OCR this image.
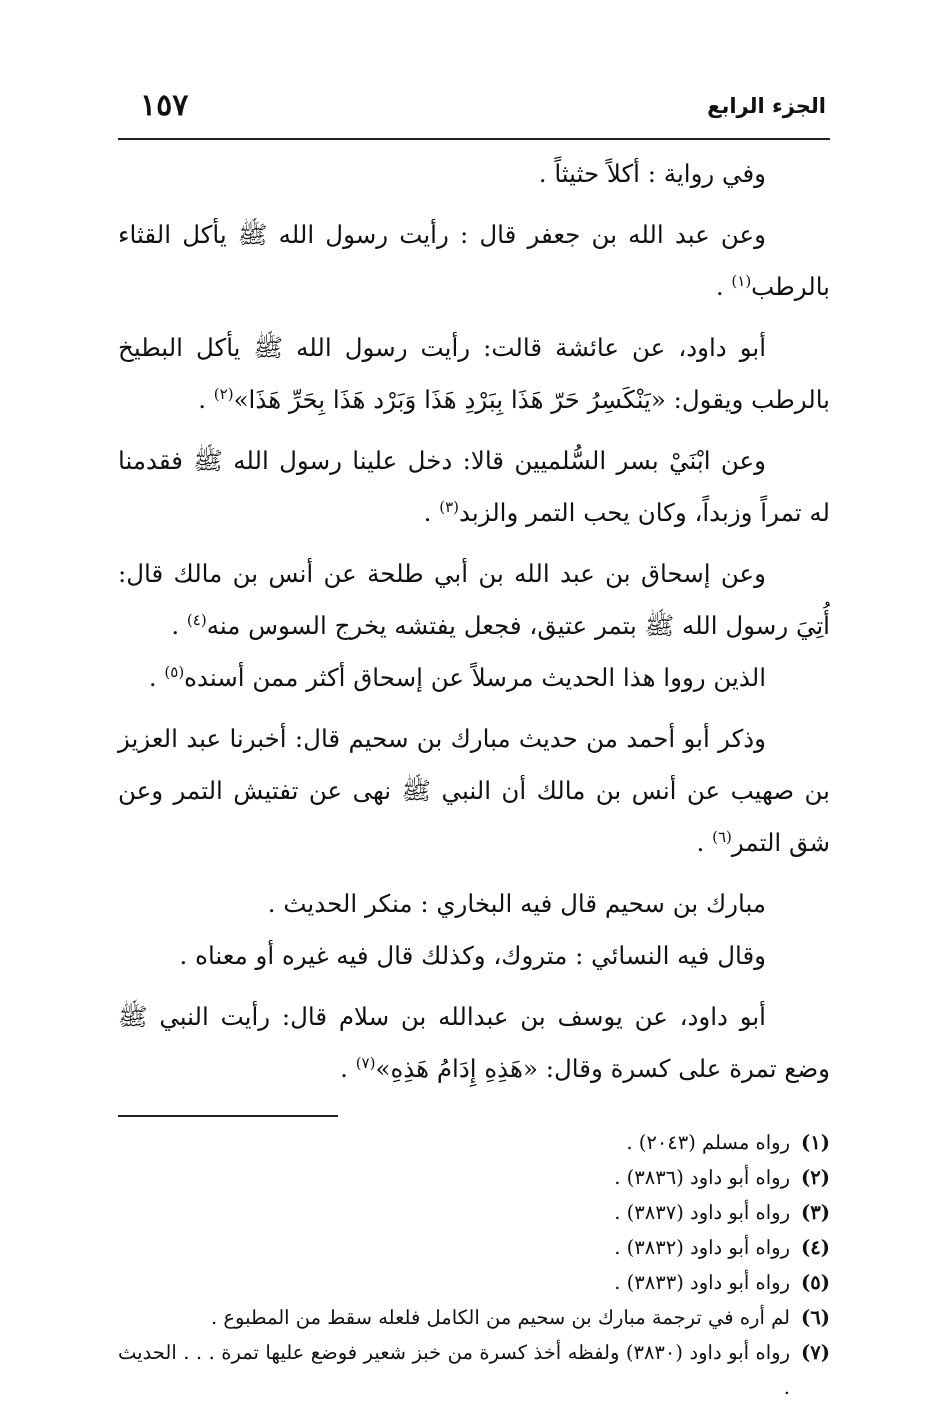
الجزء الرابع
١٥٧

وفي رواية : أكلاً حثيثاً .

وعن عبد الله بن جعفر قال : رأيت رسول الله ﷺ يأكل القثاء بالرطب$^{(١)}$ .

أبو داود، عن عائشة قالت: رأيت رسول الله ﷺ يأكل البطيخ بالرطب ويقول: «يَنْكَسِرُ حَرّ هَذَا بِبَرْدِ هَذَا وَبَرْد هَذَا بِحَرِّ هَذَا»$^{(٢)}$ .

وعن ابْنَيْ بسر السُّلميين قالا: دخل علينا رسول الله ﷺ فقدمنا له تمراً وزبداً، وكان يحب التمر والزبد$^{(٣)}$ .

وعن إسحاق بن عبد الله بن أبي طلحة عن أنس بن مالك قال: أُتِيَ رسول الله ﷺ بتمر عتيق، فجعل يفتشه يخرج السوس منه$^{(٤)}$ .

الذين رووا هذا الحديث مرسلاً عن إسحاق أكثر ممن أسنده$^{(٥)}$ .

وذكر أبو أحمد من حديث مبارك بن سحيم قال: أخبرنا عبد العزيز بن صهيب عن أنس بن مالك أن النبي ﷺ نهى عن تفتيش التمر وعن شق التمر$^{(٦)}$ .

مبارك بن سحيم قال فيه البخاري : منكر الحديث .

وقال فيه النسائي : متروك، وكذلك قال فيه غيره أو معناه .

أبو داود، عن يوسف بن عبدالله بن سلام قال: رأيت النبي ﷺ وضع تمرة على كسرة وقال: «هَذِهِ إِدَامُ هَذِهِ»$^{(٧)}$ .

(١)
رواه مسلم (٢٠٤٣) .

(٢)
رواه أبو داود (٣٨٣٦) .

(٣)
رواه أبو داود (٣٨٣٧) .

(٤)
رواه أبو داود (٣٨٣٢) .

(٥)
رواه أبو داود (٣٨٣٣) .

(٦)
لم أره في ترجمة مبارك بن سحيم من الكامل فلعله سقط من المطبوع .

(٧)
رواه أبو داود (٣٨٣٠) ولفظه أخذ كسرة من خبز شعير فوضع عليها تمرة . . . الحديث .
